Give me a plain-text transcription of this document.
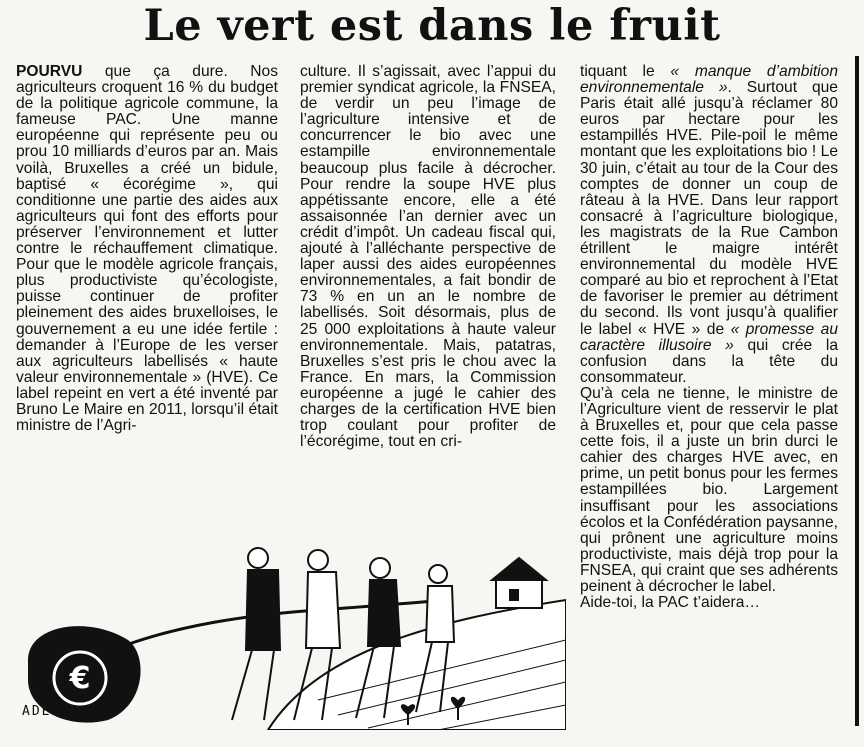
Le vert est dans le fruit

POURVU que ça dure. Nos agriculteurs croquent 16 % du budget de la politique agricole commune, la fameuse PAC. Une manne européenne qui représente peu ou prou 10 milliards d’euros par an. Mais voilà, Bruxelles a créé un bidule, baptisé « écorégime », qui conditionne une partie des aides aux agriculteurs qui font des efforts pour préserver l’environnement et lutter contre le réchauffement climatique. Pour que le modèle agricole français, plus productiviste qu’écologiste, puisse continuer de profiter pleinement des aides bruxelloises, le gouvernement a eu une idée fertile : demander à l’Europe de les verser aux agriculteurs labellisés « haute valeur environnementale » (HVE). Ce label repeint en vert a été inventé par Bruno Le Maire en 2011, lorsqu’il était ministre de l’Agri-

culture. Il s’agissait, avec l’appui du premier syndicat agricole, la FNSEA, de verdir un peu l’image de l’agriculture intensive et de concurrencer le bio avec une estampille environnementale beaucoup plus facile à décrocher. Pour rendre la soupe HVE plus appétissante encore, elle a été assaisonnée l’an dernier avec un crédit d’impôt. Un cadeau fiscal qui, ajouté à l’alléchante perspective de laper aussi des aides européennes environnementales, a fait bondir de 73 % en un an le nombre de labellisés. Soit désormais, plus de 25 000 exploitations à haute valeur environnementale. Mais, patatras, Bruxelles s’est pris le chou avec la France. En mars, la Commission européenne a jugé le cahier des charges de la certification HVE bien trop coulant pour profiter de l’écorégime, tout en cri-

tiquant le « manque d’ambition environnementale ». Surtout que Paris était allé jusqu’à réclamer 80 euros par hectare pour les estampillés HVE. Pile-poil le même montant que les exploitations bio ! Le 30 juin, c’était au tour de la Cour des comptes de donner un coup de râteau à la HVE. Dans leur rapport consacré à l’agriculture biologique, les magistrats de la Rue Cambon étrillent le maigre intérêt environnemental du modèle HVE comparé au bio et reprochent à l’Etat de favoriser le premier au détriment du second. Ils vont jusqu’à qualifier le label « HVE » de « promesse au caractère illusoire » qui crée la confusion dans la tête du consommateur.

Qu’à cela ne tienne, le ministre de l’Agriculture vient de resservir le plat à Bruxelles et, pour que cela passe cette fois, il a juste un brin durci le cahier des charges HVE avec, en prime, un petit bonus pour les fermes estampillées bio. Largement insuffisant pour les associations écolos et la Confédération paysanne, qui prônent une agriculture moins productiviste, mais déjà trop pour la FNSEA, qui craint que ses adhérents peinent à décrocher le label.

Aide-toi, la PAC t’aidera…

€
ADEUNA
